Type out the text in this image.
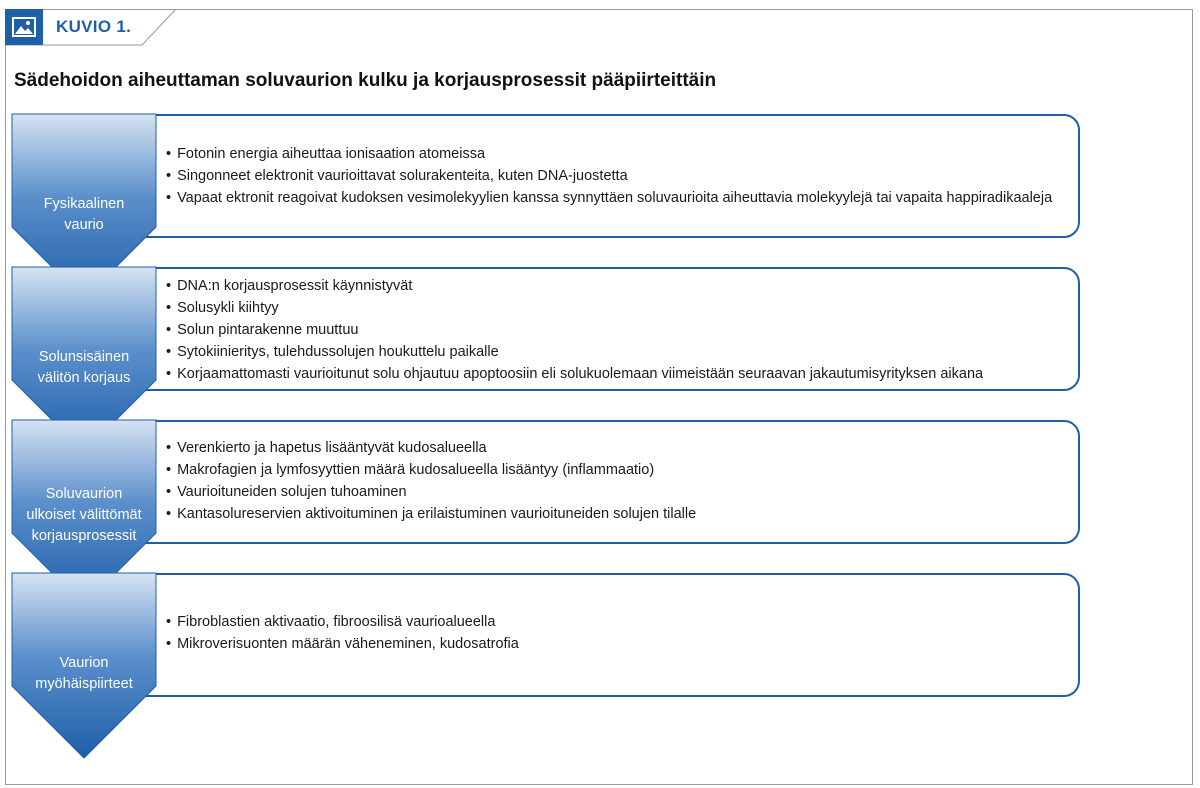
KUVIO 1.
Sädehoidon aiheuttaman soluvaurion kulku ja korjausprosessit pääpiirteittäin
• Fotonin energia aiheuttaa ionisaation atomeissa
• Singonneet elektronit vaurioittavat solurakenteita, kuten DNA-juostetta
• Vapaat ektronit reagoivat kudoksen vesimolekyylien kanssa synnyttäen soluvaurioita aiheuttavia molekyylejä tai vapaita happiradikaaleja
Fysikaalinen
vaurio
• DNA:n korjausprosessit käynnistyvät
• Solusykli kiihtyy
• Solun pintarakenne muuttuu
• Sytokiinieritys, tulehdussolujen houkuttelu paikalle
• Korjaamattomasti vaurioitunut solu ohjautuu apoptoosiin eli solukuolemaan viimeistään seuraavan jakautumisyrityksen aikana
Solunsisäinen
välitön korjaus
• Verenkierto ja hapetus lisääntyvät kudosalueella
• Makrofagien ja lymfosyyttien määrä kudosalueella lisääntyy (inflammaatio)
• Vaurioituneiden solujen tuhoaminen
• Kantasolureservien aktivoituminen ja erilaistuminen vaurioituneiden solujen tilalle
Soluvaurion
ulkoiset välittömät
korjausprosessit
• Fibroblastien aktivaatio, fibroosilisä vaurioalueella
• Mikroverisuonten määrän väheneminen, kudosatrofia
Vaurion
myöhäispiirteet
